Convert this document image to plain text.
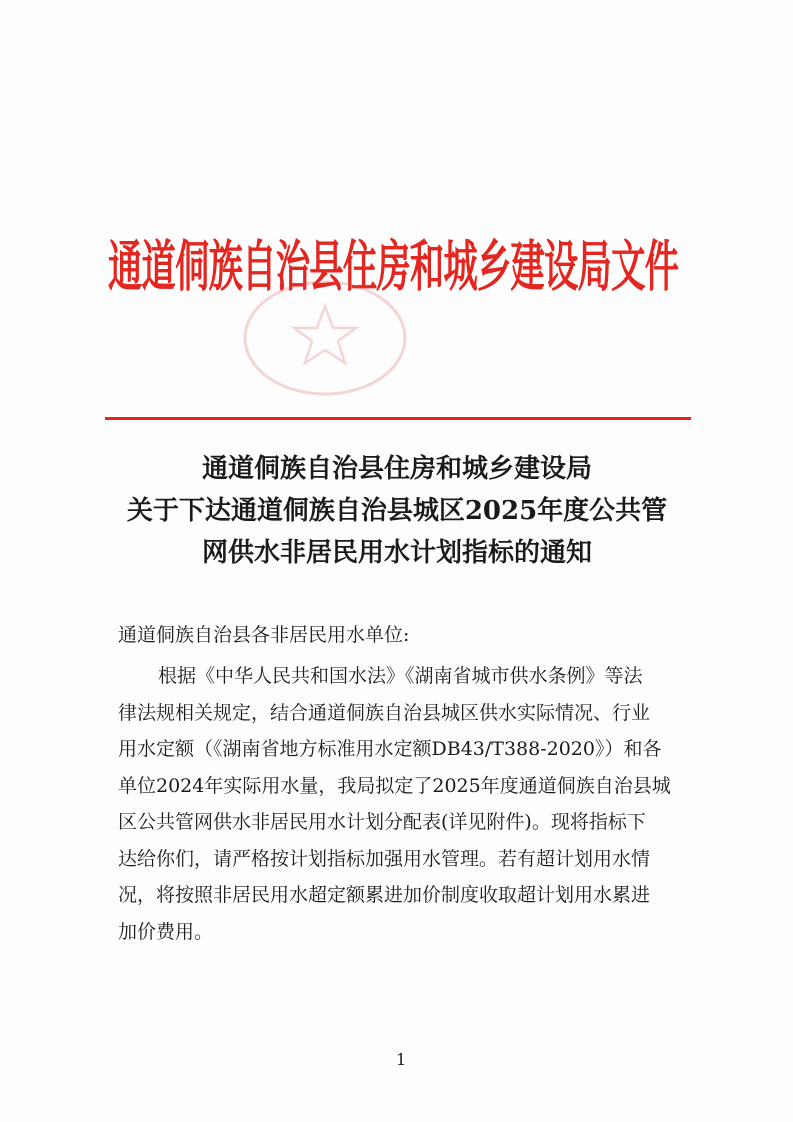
通道侗族自治县住房和城乡建设局文件
通道侗族自治县住房和城乡建设局
关于下达通道侗族自治县城区2025年度公共管
网供水非居民用水计划指标的通知
通道侗族自治县各非居民用水单位:
根据《中华人民共和国水法》《湖南省城市供水条例》等法
律法规相关规定，结合通道侗族自治县城区供水实际情况、行业
用水定额（《湖南省地方标准用水定额DB43/T388-2020》）和各
单位2024年实际用水量，我局拟定了2025年度通道侗族自治县城
区公共管网供水非居民用水计划分配表(详见附件)。现将指标下
达给你们，请严格按计划指标加强用水管理。若有超计划用水情
况，将按照非居民用水超定额累进加价制度收取超计划用水累进
加价费用。
1
